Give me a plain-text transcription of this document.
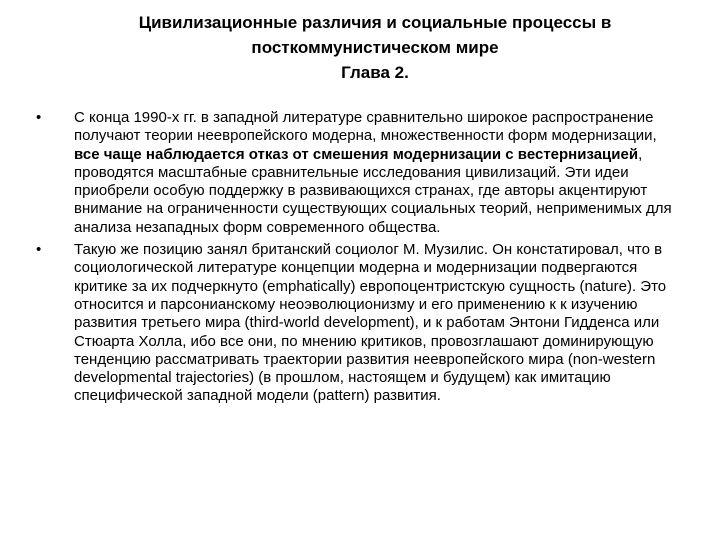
Цивилизационные различия и социальные процессы в
посткоммунистическом мире
Глава 2.
• С конца 1990-х гг. в западной литературе сравнительно широкое распространение получают теории неевропейского модерна, множественности форм модернизации, все чаще наблюдается отказ от смешения модернизации с вестернизацией, проводятся масштабные сравнительные исследования цивилизаций. Эти идеи приобрели особую поддержку в развивающихся странах, где авторы акцентируют внимание на ограниченности существующих социальных теорий, неприменимых для анализа незападных форм современного общества.
• Такую же позицию занял британский социолог М. Музилис. Он констатировал, что в социологической литературе концепции модерна и модернизации подвергаются критике за их подчеркнуто (emphatically) европоцентристскую сущность (nature). Это относится и парсонианскому неоэволюционизму и его применению к к изучению развития третьего мира (third-world development), и к работам Энтони Гидденса или Стюарта Холла, ибо все они, по мнению критиков, провозглашают доминирующую тенденцию рассматривать траектории развития неевропейского мира (non-western developmental trajectories) (в прошлом, настоящем и будущем) как имитацию специфической западной модели (pattern) развития.
